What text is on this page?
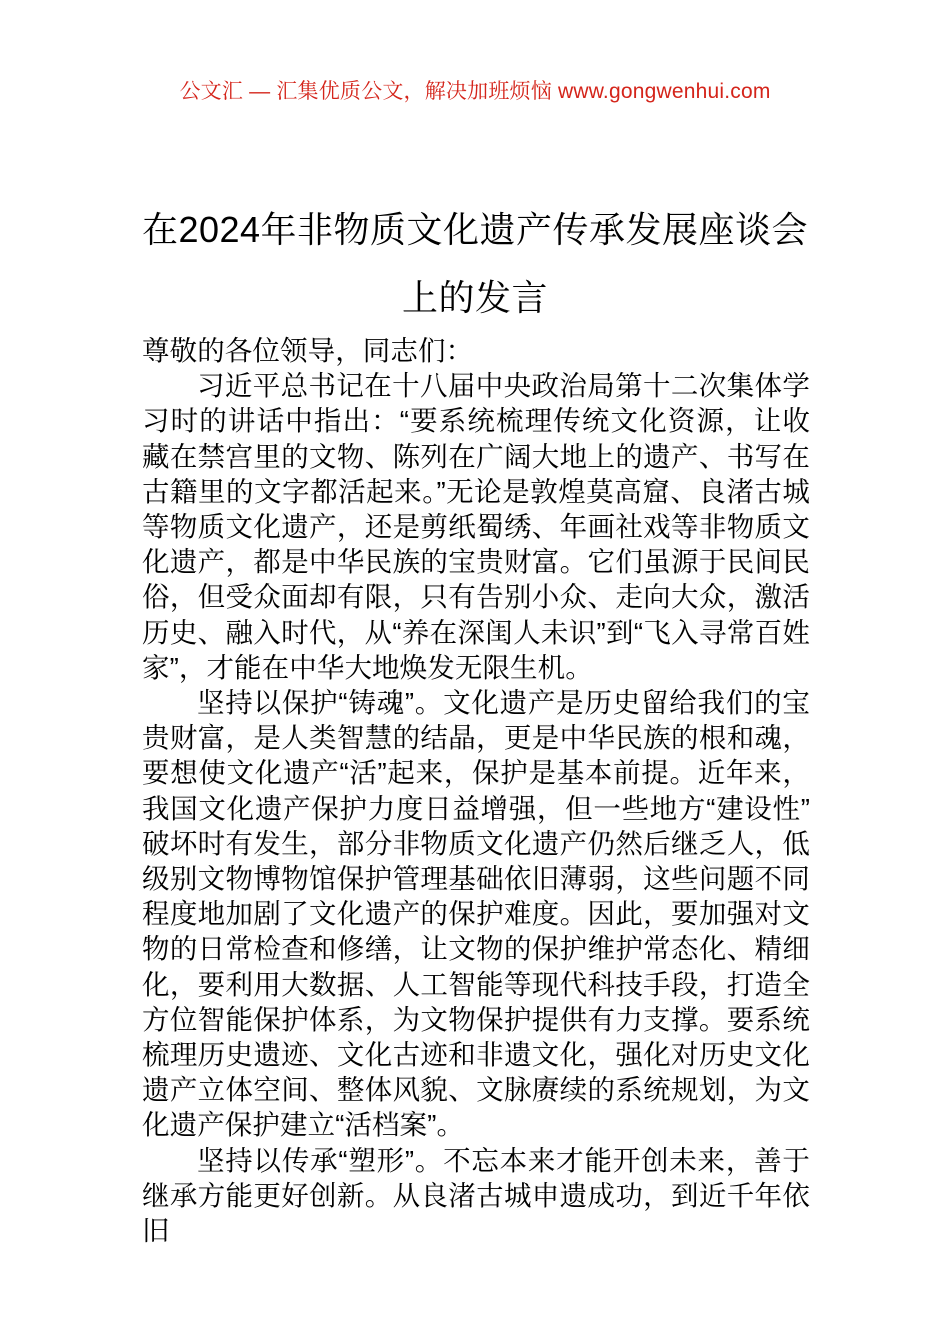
公文汇 — 汇集优质公文，解决加班烦恼 www.gongwenhui.com
在2024年非物质文化遗产传承发展座谈会上的发言

尊敬的各位领导，同志们：

习近平总书记在十八届中央政治局第十二次集体学习时的讲话中指出：“要系统梳理传统文化资源，让收藏在禁宫里的文物、陈列在广阔大地上的遗产、书写在古籍里的文字都活起来。”无论是敦煌莫高窟、良渚古城等物质文化遗产，还是剪纸蜀绣、年画社戏等非物质文化遗产，都是中华民族的宝贵财富。它们虽源于民间民俗，但受众面却有限，只有告别小众、走向大众，激活历史、融入时代，从“养在深闺人未识”到“飞入寻常百姓家”，才能在中华大地焕发无限生机。

坚持以保护“铸魂”。文化遗产是历史留给我们的宝贵财富，是人类智慧的结晶，更是中华民族的根和魂，要想使文化遗产“活”起来，保护是基本前提。近年来，我国文化遗产保护力度日益增强，但一些地方“建设性”破坏时有发生，部分非物质文化遗产仍然后继乏人，低级别文物博物馆保护管理基础依旧薄弱，这些问题不同程度地加剧了文化遗产的保护难度。因此，要加强对文物的日常检查和修缮，让文物的保护维护常态化、精细化，要利用大数据、人工智能等现代科技手段，打造全方位智能保护体系，为文物保护提供有力支撑。要系统梳理历史遗迹、文化古迹和非遗文化，强化对历史文化遗产立体空间、整体风貌、文脉赓续的系统规划，为文化遗产保护建立“活档案”。

坚持以传承“塑形”。不忘本来才能开创未来，善于继承方能更好创新。从良渚古城申遗成功，到近千年依旧
